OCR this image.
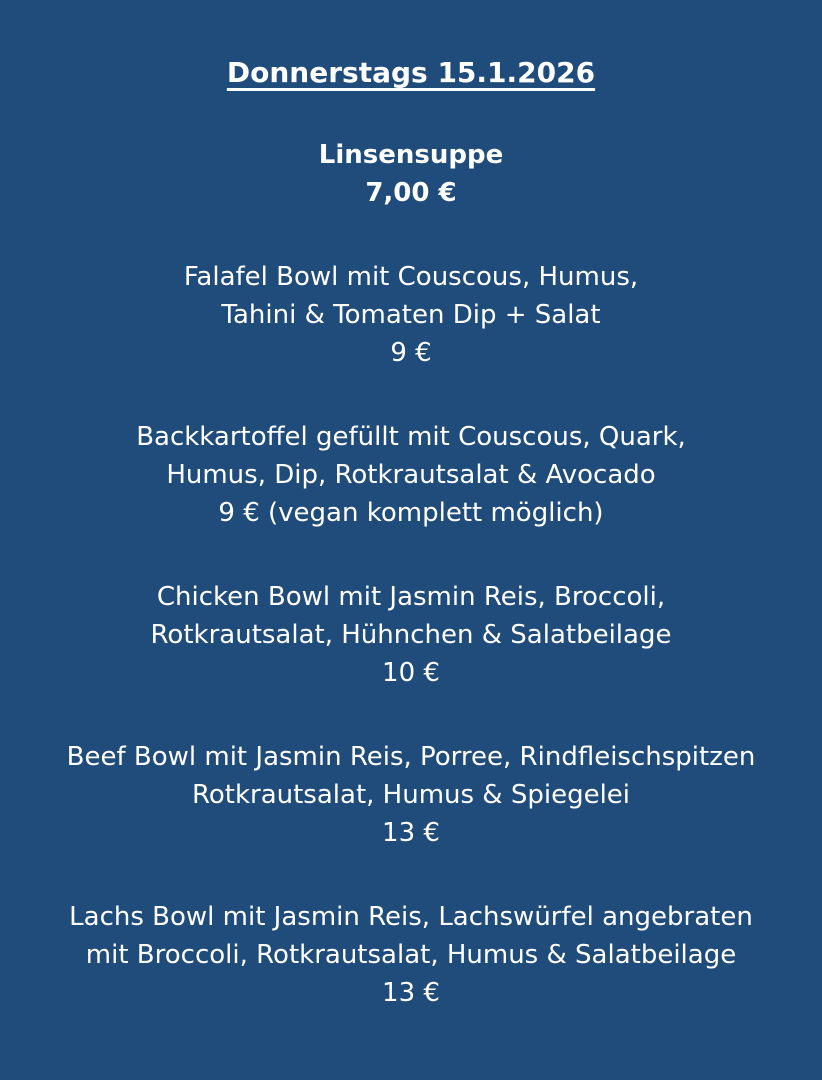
Donnerstags 15.1.2026
Linsensuppe
7,00 €
Falafel Bowl mit Couscous, Humus,
Tahini & Tomaten Dip + Salat
9 €
Backkartoffel gefüllt mit Couscous, Quark,
Humus, Dip, Rotkrautsalat & Avocado
9 € (vegan komplett möglich)
Chicken Bowl mit Jasmin Reis, Broccoli,
Rotkrautsalat, Hühnchen & Salatbeilage
10 €
Beef Bowl mit Jasmin Reis, Porree, Rindfleischspitzen
Rotkrautsalat, Humus & Spiegelei
13 €
Lachs Bowl mit Jasmin Reis, Lachswürfel angebraten
mit Broccoli, Rotkrautsalat, Humus & Salatbeilage
13 €
